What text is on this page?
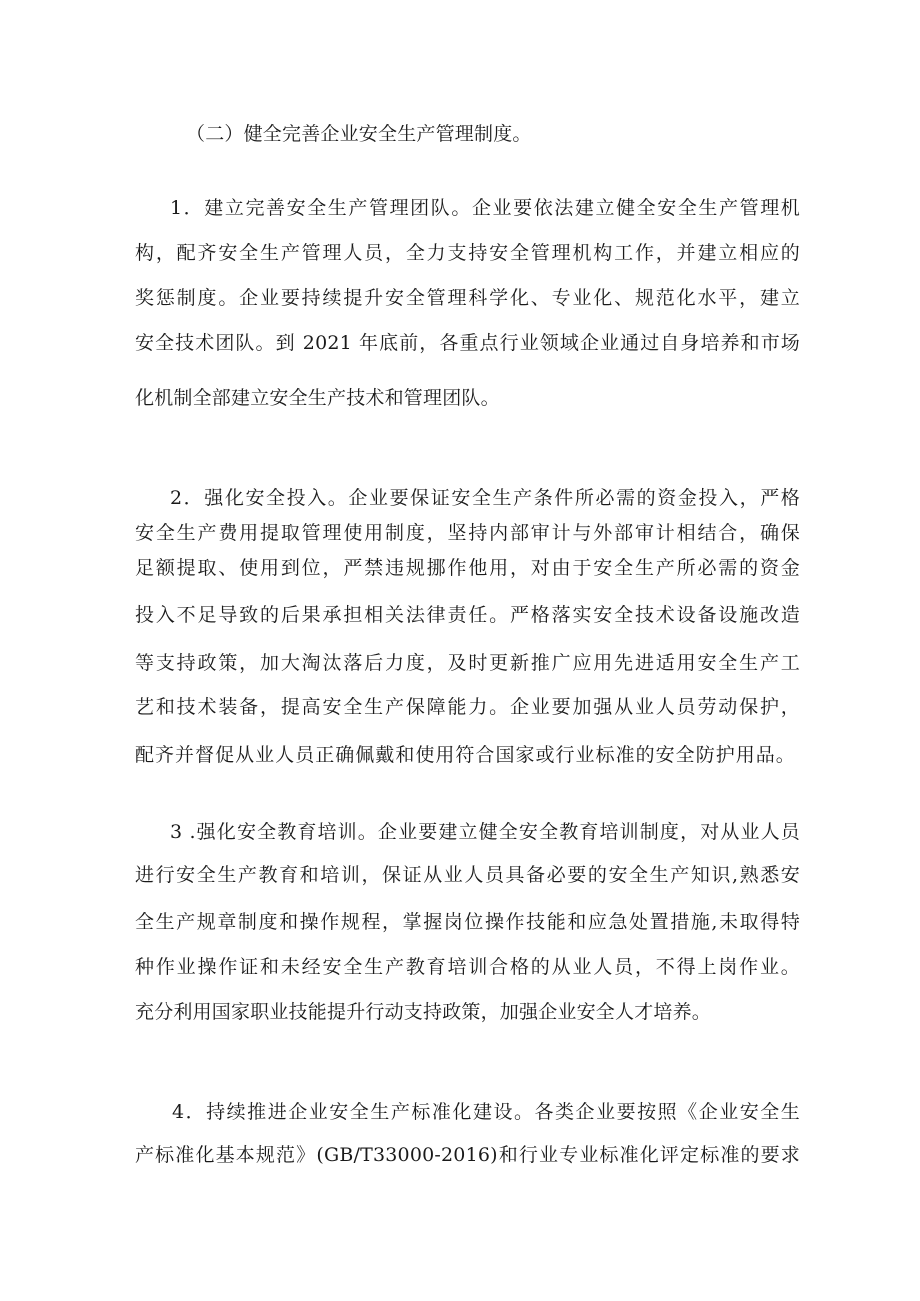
（二）健全完善企业安全生产管理制度。
1．建立完善安全生产管理团队。企业要依法建立健全安全生产管理机
构，配齐安全生产管理人员，全力支持安全管理机构工作，并建立相应的
奖惩制度。企业要持续提升安全管理科学化、专业化、规范化水平，建立
安全技术团队。到 2021 年底前，各重点行业领域企业通过自身培养和市场
化机制全部建立安全生产技术和管理团队。
2．强化安全投入。企业要保证安全生产条件所必需的资金投入，严格
安全生产费用提取管理使用制度，坚持内部审计与外部审计相结合，确保
足额提取、使用到位，严禁违规挪作他用，对由于安全生产所必需的资金
投入不足导致的后果承担相关法律责任。严格落实安全技术设备设施改造
等支持政策，加大淘汰落后力度，及时更新推广应用先进适用安全生产工
艺和技术装备，提高安全生产保障能力。企业要加强从业人员劳动保护，
配齐并督促从业人员正确佩戴和使用符合国家或行业标准的安全防护用品。
3 .强化安全教育培训。企业要建立健全安全教育培训制度，对从业人员
进行安全生产教育和培训，保证从业人员具备必要的安全生产知识,熟悉安
全生产规章制度和操作规程，掌握岗位操作技能和应急处置措施,未取得特
种作业操作证和未经安全生产教育培训合格的从业人员，不得上岗作业。
充分利用国家职业技能提升行动支持政策，加强企业安全人才培养。
4．持续推进企业安全生产标准化建设。各类企业要按照《企业安全生
产标准化基本规范》(GB/T33000-2016)和行业专业标准化评定标准的要求
